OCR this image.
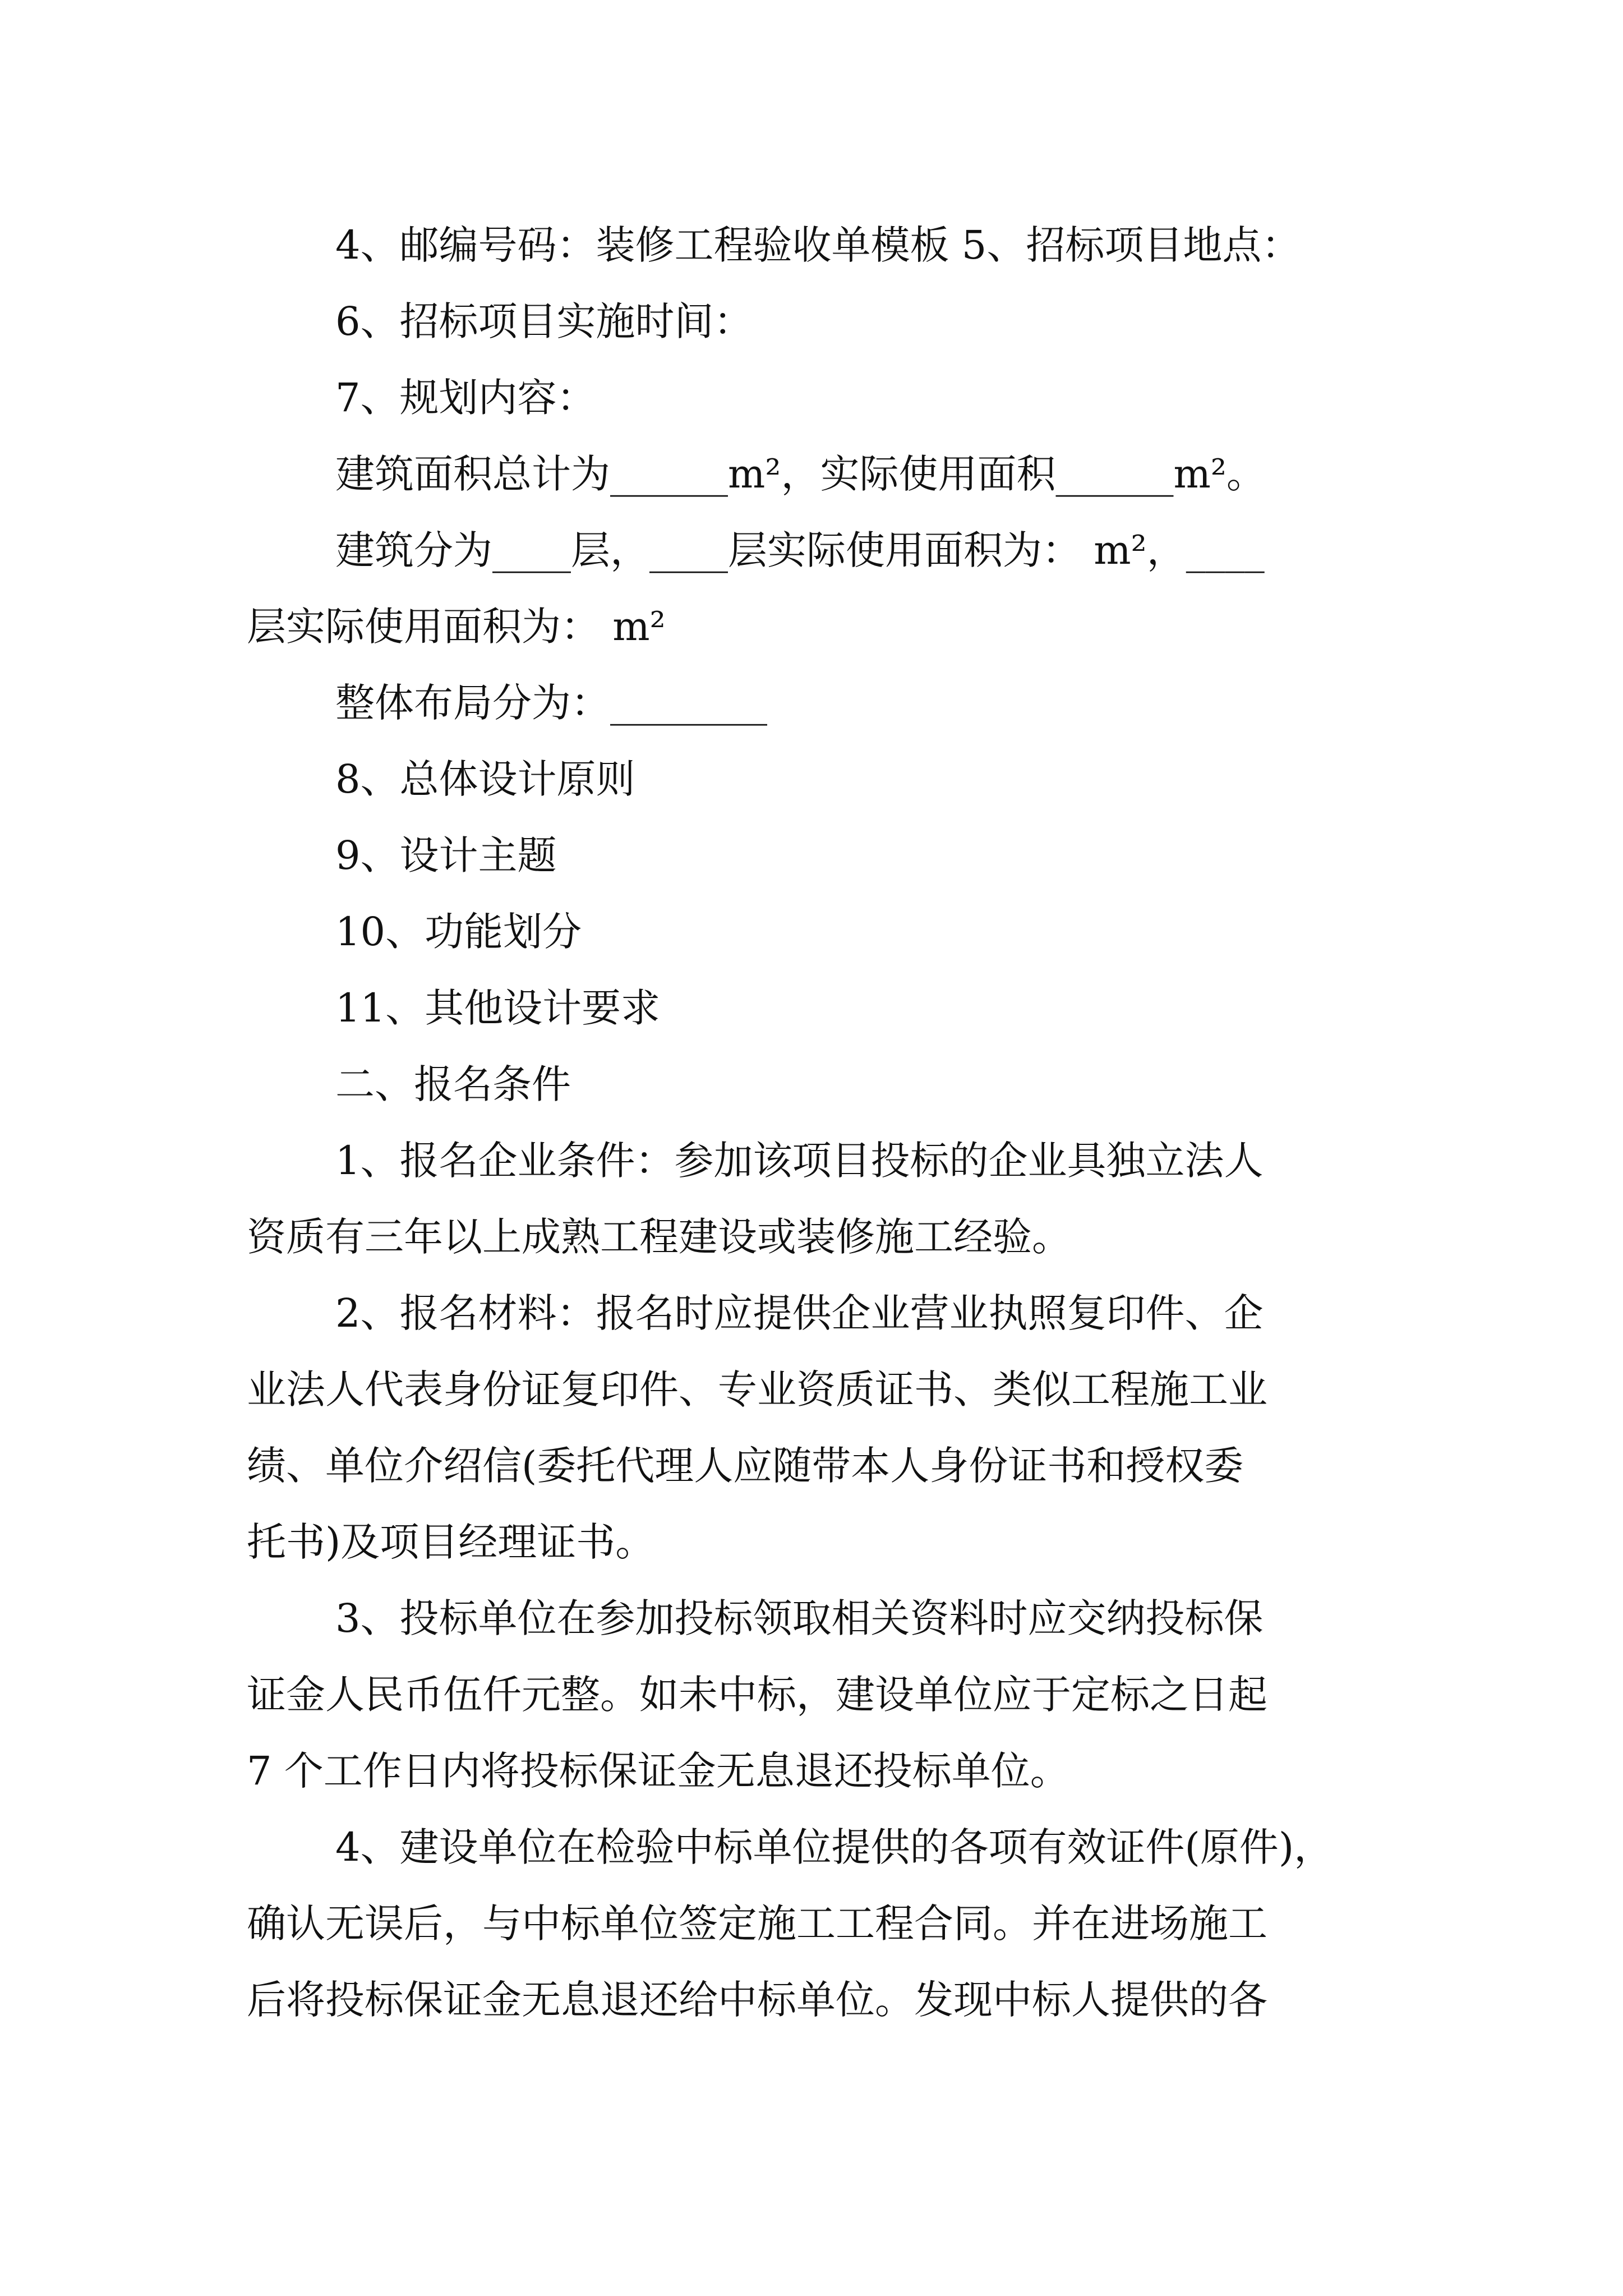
4、邮编号码：装修工程验收单模板 5、招标项目地点：

6、招标项目实施时间：

7、规划内容：

建筑面积总计为______m²，实际使用面积______m²。

建筑分为____层，____层实际使用面积为： m²，____

层实际使用面积为： m²

整体布局分为：________

8、总体设计原则

9、设计主题

10、功能划分

11、其他设计要求

二、报名条件

1、报名企业条件：参加该项目投标的企业具独立法人

资质有三年以上成熟工程建设或装修施工经验。

2、报名材料：报名时应提供企业营业执照复印件、企

业法人代表身份证复印件、专业资质证书、类似工程施工业

绩、单位介绍信(委托代理人应随带本人身份证书和授权委

托书)及项目经理证书。

3、投标单位在参加投标领取相关资料时应交纳投标保

证金人民币伍仟元整。如未中标，建设单位应于定标之日起

7 个工作日内将投标保证金无息退还投标单位。

4、建设单位在检验中标单位提供的各项有效证件(原件)，

确认无误后，与中标单位签定施工工程合同。并在进场施工

后将投标保证金无息退还给中标单位。发现中标人提供的各
